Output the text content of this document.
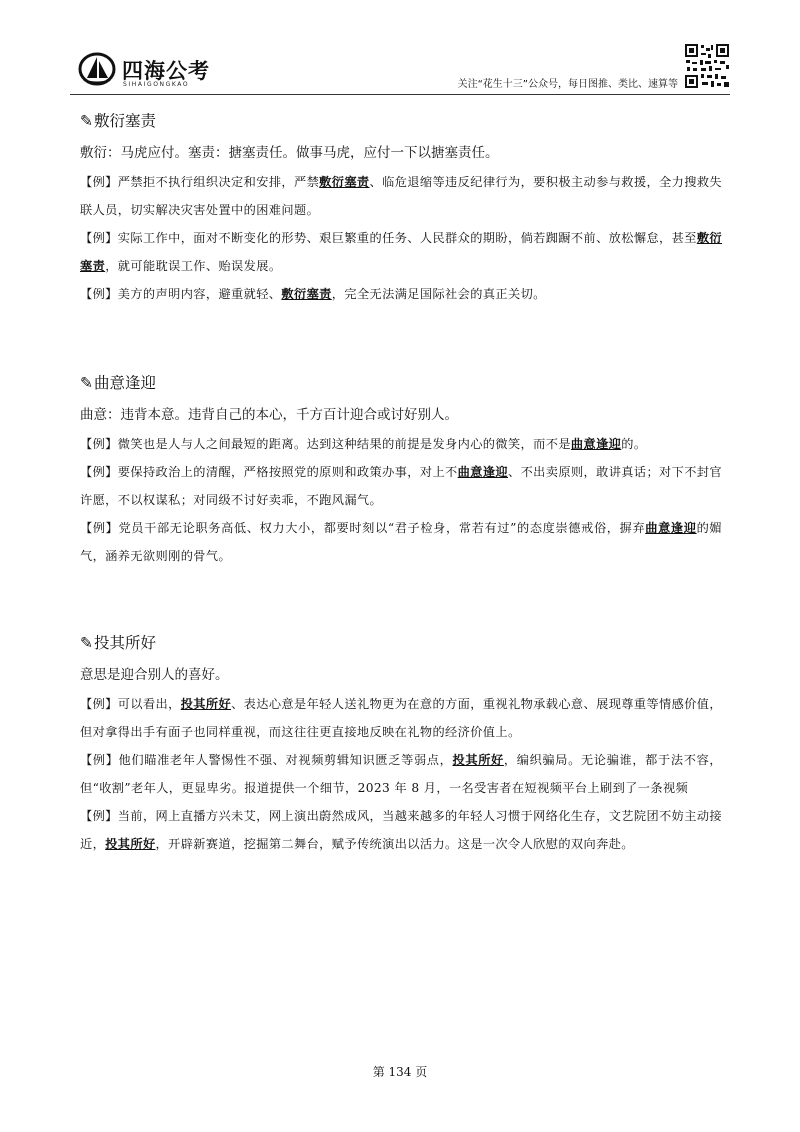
四海公考
SIHAIGONGKAO	关注“花生十三”公众号，每日图推、类比、速算等
✎敷衍塞责

敷衍：马虎应付。塞责：搪塞责任。做事马虎，应付一下以搪塞责任。

【例】严禁拒不执行组织决定和安排，严禁敷衍塞责、临危退缩等违反纪律行为，要积极主动参与救援，全力搜救失联人员，切实解决灾害处置中的困难问题。

【例】实际工作中，面对不断变化的形势、艰巨繁重的任务、人民群众的期盼，倘若踟蹰不前、放松懈怠，甚至敷衍塞责，就可能耽误工作、贻误发展。

【例】美方的声明内容，避重就轻、敷衍塞责，完全无法满足国际社会的真正关切。

✎曲意逢迎

曲意：违背本意。违背自己的本心，千方百计迎合或讨好别人。

【例】微笑也是人与人之间最短的距离。达到这种结果的前提是发身内心的微笑，而不是曲意逢迎的。

【例】要保持政治上的清醒，严格按照党的原则和政策办事，对上不曲意逢迎、不出卖原则，敢讲真话；对下不封官许愿，不以权谋私；对同级不讨好卖乖，不跑风漏气。

【例】党员干部无论职务高低、权力大小，都要时刻以“君子检身，常若有过”的态度崇德戒俗，摒弃曲意逢迎的媚气，涵养无欲则刚的骨气。

✎投其所好

意思是迎合别人的喜好。

【例】可以看出，投其所好、表达心意是年轻人送礼物更为在意的方面，重视礼物承载心意、展现尊重等情感价值，但对拿得出手有面子也同样重视，而这往往更直接地反映在礼物的经济价值上。

【例】他们瞄准老年人警惕性不强、对视频剪辑知识匮乏等弱点，投其所好，编织骗局。无论骗谁，都于法不容，但“收割”老年人，更显卑劣。报道提供一个细节，2023 年 8 月，一名受害者在短视频平台上刷到了一条视频

【例】当前，网上直播方兴未艾，网上演出蔚然成风，当越来越多的年轻人习惯于网络化生存，文艺院团不妨主动接近，投其所好，开辟新赛道，挖掘第二舞台，赋予传统演出以活力。这是一次令人欣慰的双向奔赴。

第 134 页
